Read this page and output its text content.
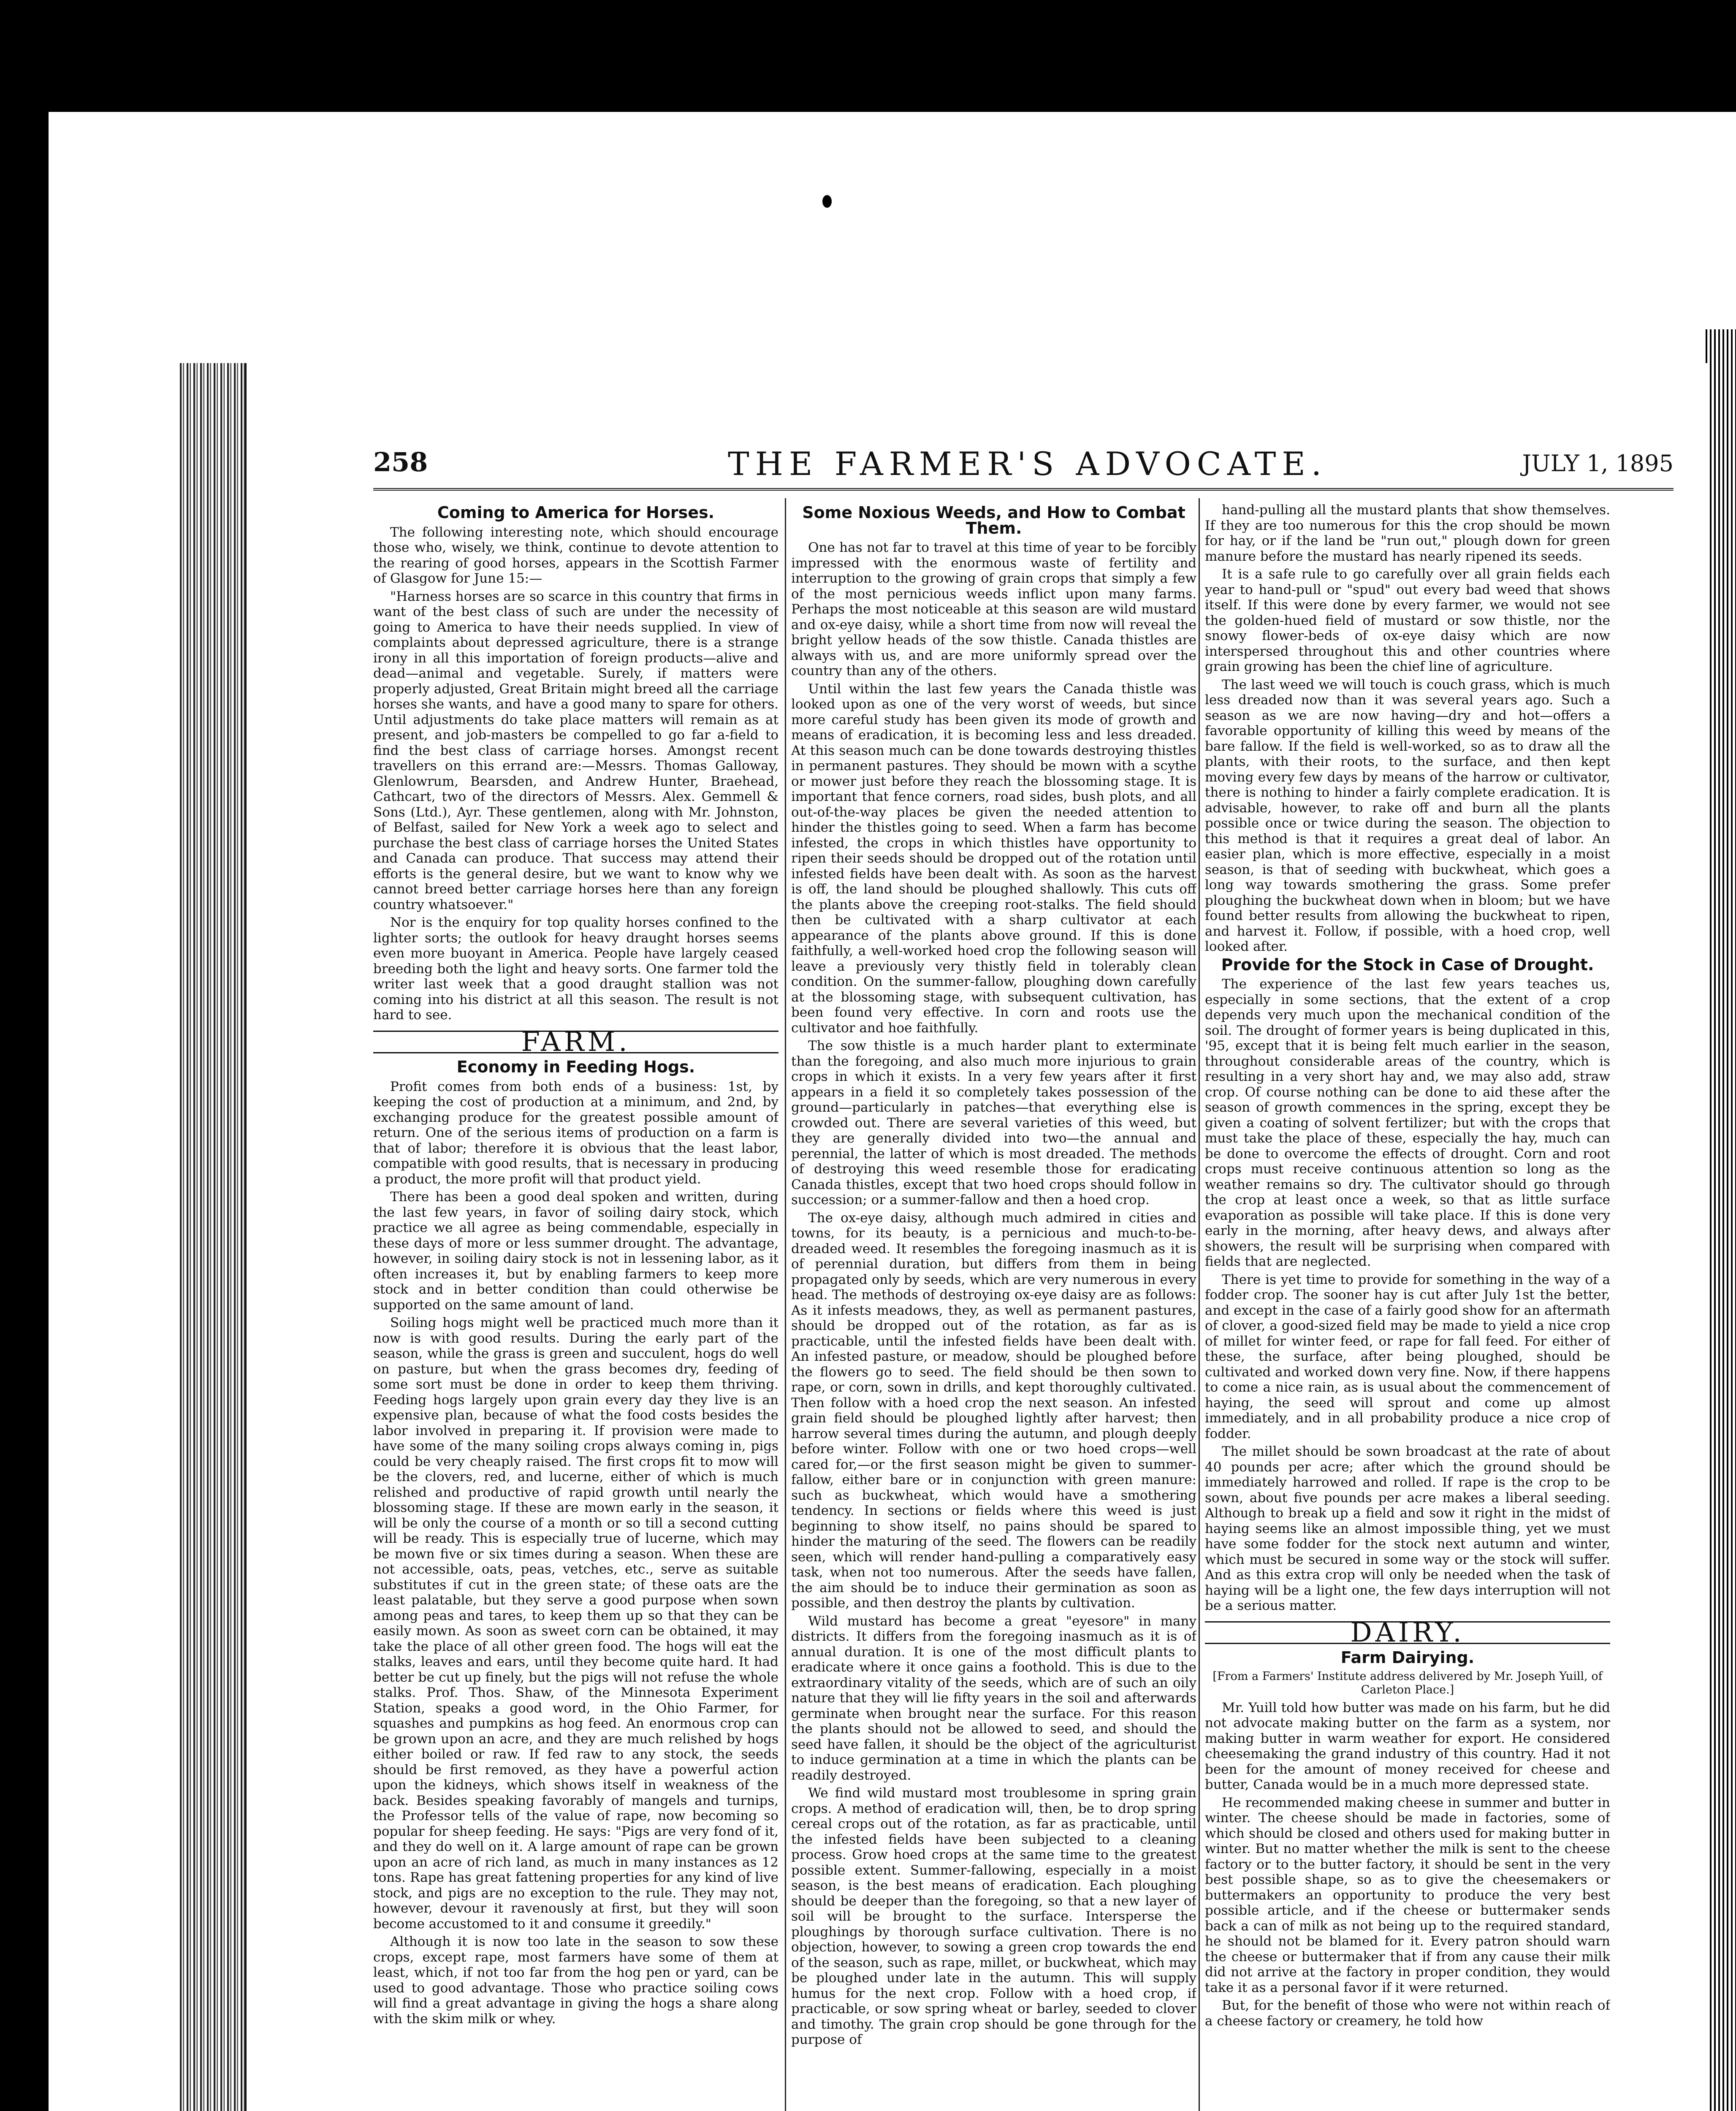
258	THE FARMER'S ADVOCATE.	JULY 1, 1895
Coming to America for Horses.

The following interesting note, which should encourage those who, wisely, we think, continue to devote attention to the rearing of good horses, appears in the Scottish Farmer of Glasgow for June 15:—

"Harness horses are so scarce in this country that firms in want of the best class of such are under the necessity of going to America to have their needs supplied. In view of complaints about depressed agriculture, there is a strange irony in all this importation of foreign products—alive and dead—animal and vegetable. Surely, if matters were properly adjusted, Great Britain might breed all the carriage horses she wants, and have a good many to spare for others. Until adjustments do take place matters will remain as at present, and job-masters be compelled to go far a-field to find the best class of carriage horses. Amongst recent travellers on this errand are:—Messrs. Thomas Galloway, Glenlowrum, Bearsden, and Andrew Hunter, Braehead, Cathcart, two of the directors of Messrs. Alex. Gemmell & Sons (Ltd.), Ayr. These gentlemen, along with Mr. Johnston, of Belfast, sailed for New York a week ago to select and purchase the best class of carriage horses the United States and Canada can produce. That success may attend their efforts is the general desire, but we want to know why we cannot breed better carriage horses here than any foreign country whatsoever."

Nor is the enquiry for top quality horses confined to the lighter sorts; the outlook for heavy draught horses seems even more buoyant in America. People have largely ceased breeding both the light and heavy sorts. One farmer told the writer last week that a good draught stallion was not coming into his district at all this season. The result is not hard to see.

FARM.
Economy in Feeding Hogs.

Profit comes from both ends of a business: 1st, by keeping the cost of production at a minimum, and 2nd, by exchanging produce for the greatest possible amount of return. One of the serious items of production on a farm is that of labor; therefore it is obvious that the least labor, compatible with good results, that is necessary in producing a product, the more profit will that product yield.

There has been a good deal spoken and written, during the last few years, in favor of soiling dairy stock, which practice we all agree as being commendable, especially in these days of more or less summer drought. The advantage, however, in soiling dairy stock is not in lessening labor, as it often increases it, but by enabling farmers to keep more stock and in better condition than could otherwise be supported on the same amount of land.

Soiling hogs might well be practiced much more than it now is with good results. During the early part of the season, while the grass is green and succulent, hogs do well on pasture, but when the grass becomes dry, feeding of some sort must be done in order to keep them thriving. Feeding hogs largely upon grain every day they live is an expensive plan, because of what the food costs besides the labor involved in preparing it. If provision were made to have some of the many soiling crops always coming in, pigs could be very cheaply raised. The first crops fit to mow will be the clovers, red, and lucerne, either of which is much relished and productive of rapid growth until nearly the blossoming stage. If these are mown early in the season, it will be only the course of a month or so till a second cutting will be ready. This is especially true of lucerne, which may be mown five or six times during a season. When these are not accessible, oats, peas, vetches, etc., serve as suitable substitutes if cut in the green state; of these oats are the least palatable, but they serve a good purpose when sown among peas and tares, to keep them up so that they can be easily mown. As soon as sweet corn can be obtained, it may take the place of all other green food. The hogs will eat the stalks, leaves and ears, until they become quite hard. It had better be cut up finely, but the pigs will not refuse the whole stalks. Prof. Thos. Shaw, of the Minnesota Experiment Station, speaks a good word, in the Ohio Farmer, for squashes and pumpkins as hog feed. An enormous crop can be grown upon an acre, and they are much relished by hogs either boiled or raw. If fed raw to any stock, the seeds should be first removed, as they have a powerful action upon the kidneys, which shows itself in weakness of the back. Besides speaking favorably of mangels and turnips, the Professor tells of the value of rape, now becoming so popular for sheep feeding. He says: "Pigs are very fond of it, and they do well on it. A large amount of rape can be grown upon an acre of rich land, as much in many instances as 12 tons. Rape has great fattening properties for any kind of live stock, and pigs are no exception to the rule. They may not, however, devour it ravenously at first, but they will soon become accustomed to it and consume it greedily."

Although it is now too late in the season to sow these crops, except rape, most farmers have some of them at least, which, if not too far from the hog pen or yard, can be used to good advantage. Those who practice soiling cows will find a great advantage in giving the hogs a share along with the skim milk or whey.

Some Noxious Weeds, and How to Combat Them.

One has not far to travel at this time of year to be forcibly impressed with the enormous waste of fertility and interruption to the growing of grain crops that simply a few of the most pernicious weeds inflict upon many farms. Perhaps the most noticeable at this season are wild mustard and ox-eye daisy, while a short time from now will reveal the bright yellow heads of the sow thistle. Canada thistles are always with us, and are more uniformly spread over the country than any of the others.

Until within the last few years the Canada thistle was looked upon as one of the very worst of weeds, but since more careful study has been given its mode of growth and means of eradication, it is becoming less and less dreaded. At this season much can be done towards destroying thistles in permanent pastures. They should be mown with a scythe or mower just before they reach the blossoming stage. It is important that fence corners, road sides, bush plots, and all out-of-the-way places be given the needed attention to hinder the thistles going to seed. When a farm has become infested, the crops in which thistles have opportunity to ripen their seeds should be dropped out of the rotation until infested fields have been dealt with. As soon as the harvest is off, the land should be ploughed shallowly. This cuts off the plants above the creeping root-stalks. The field should then be cultivated with a sharp cultivator at each appearance of the plants above ground. If this is done faithfully, a well-worked hoed crop the following season will leave a previously very thistly field in tolerably clean condition. On the summer-fallow, ploughing down carefully at the blossoming stage, with subsequent cultivation, has been found very effective. In corn and roots use the cultivator and hoe faithfully.

The sow thistle is a much harder plant to exterminate than the foregoing, and also much more injurious to grain crops in which it exists. In a very few years after it first appears in a field it so completely takes possession of the ground—particularly in patches—that everything else is crowded out. There are several varieties of this weed, but they are generally divided into two—the annual and perennial, the latter of which is most dreaded. The methods of destroying this weed resemble those for eradicating Canada thistles, except that two hoed crops should follow in succession; or a summer-fallow and then a hoed crop.

The ox-eye daisy, although much admired in cities and towns, for its beauty, is a pernicious and much-to-be-dreaded weed. It resembles the foregoing inasmuch as it is of perennial duration, but differs from them in being propagated only by seeds, which are very numerous in every head. The methods of destroying ox-eye daisy are as follows: As it infests meadows, they, as well as permanent pastures, should be dropped out of the rotation, as far as is practicable, until the infested fields have been dealt with. An infested pasture, or meadow, should be ploughed before the flowers go to seed. The field should be then sown to rape, or corn, sown in drills, and kept thoroughly cultivated. Then follow with a hoed crop the next season. An infested grain field should be ploughed lightly after harvest; then harrow several times during the autumn, and plough deeply before winter. Follow with one or two hoed crops—well cared for,—or the first season might be given to summer-fallow, either bare or in conjunction with green manure: such as buckwheat, which would have a smothering tendency. In sections or fields where this weed is just beginning to show itself, no pains should be spared to hinder the maturing of the seed. The flowers can be readily seen, which will render hand-pulling a comparatively easy task, when not too numerous. After the seeds have fallen, the aim should be to induce their germination as soon as possible, and then destroy the plants by cultivation.

Wild mustard has become a great "eyesore" in many districts. It differs from the foregoing inasmuch as it is of annual duration. It is one of the most difficult plants to eradicate where it once gains a foothold. This is due to the extraordinary vitality of the seeds, which are of such an oily nature that they will lie fifty years in the soil and afterwards germinate when brought near the surface. For this reason the plants should not be allowed to seed, and should the seed have fallen, it should be the object of the agriculturist to induce germination at a time in which the plants can be readily destroyed.

We find wild mustard most troublesome in spring grain crops. A method of eradication will, then, be to drop spring cereal crops out of the rotation, as far as practicable, until the infested fields have been subjected to a cleaning process. Grow hoed crops at the same time to the greatest possible extent. Summer-fallowing, especially in a moist season, is the best means of eradication. Each ploughing should be deeper than the foregoing, so that a new layer of soil will be brought to the surface. Intersperse the ploughings by thorough surface cultivation. There is no objection, however, to sowing a green crop towards the end of the season, such as rape, millet, or buckwheat, which may be ploughed under late in the autumn. This will supply humus for the next crop. Follow with a hoed crop, if practicable, or sow spring wheat or barley, seeded to clover and timothy. The grain crop should be gone through for the purpose of

hand-pulling all the mustard plants that show themselves. If they are too numerous for this the crop should be mown for hay, or if the land be "run out," plough down for green manure before the mustard has nearly ripened its seeds.

It is a safe rule to go carefully over all grain fields each year to hand-pull or "spud" out every bad weed that shows itself. If this were done by every farmer, we would not see the golden-hued field of mustard or sow thistle, nor the snowy flower-beds of ox-eye daisy which are now interspersed throughout this and other countries where grain growing has been the chief line of agriculture.

The last weed we will touch is couch grass, which is much less dreaded now than it was several years ago. Such a season as we are now having—dry and hot—offers a favorable opportunity of killing this weed by means of the bare fallow. If the field is well-worked, so as to draw all the plants, with their roots, to the surface, and then kept moving every few days by means of the harrow or cultivator, there is nothing to hinder a fairly complete eradication. It is advisable, however, to rake off and burn all the plants possible once or twice during the season. The objection to this method is that it requires a great deal of labor. An easier plan, which is more effective, especially in a moist season, is that of seeding with buckwheat, which goes a long way towards smothering the grass. Some prefer ploughing the buckwheat down when in bloom; but we have found better results from allowing the buckwheat to ripen, and harvest it. Follow, if possible, with a hoed crop, well looked after.

Provide for the Stock in Case of Drought.

The experience of the last few years teaches us, especially in some sections, that the extent of a crop depends very much upon the mechanical condition of the soil. The drought of former years is being duplicated in this, '95, except that it is being felt much earlier in the season, throughout considerable areas of the country, which is resulting in a very short hay and, we may also add, straw crop. Of course nothing can be done to aid these after the season of growth commences in the spring, except they be given a coating of solvent fertilizer; but with the crops that must take the place of these, especially the hay, much can be done to overcome the effects of drought. Corn and root crops must receive continuous attention so long as the weather remains so dry. The cultivator should go through the crop at least once a week, so that as little surface evaporation as possible will take place. If this is done very early in the morning, after heavy dews, and always after showers, the result will be surprising when compared with fields that are neglected.

There is yet time to provide for something in the way of a fodder crop. The sooner hay is cut after July 1st the better, and except in the case of a fairly good show for an aftermath of clover, a good-sized field may be made to yield a nice crop of millet for winter feed, or rape for fall feed. For either of these, the surface, after being ploughed, should be cultivated and worked down very fine. Now, if there happens to come a nice rain, as is usual about the commencement of haying, the seed will sprout and come up almost immediately, and in all probability produce a nice crop of fodder.

The millet should be sown broadcast at the rate of about 40 pounds per acre; after which the ground should be immediately harrowed and rolled. If rape is the crop to be sown, about five pounds per acre makes a liberal seeding. Although to break up a field and sow it right in the midst of haying seems like an almost impossible thing, yet we must have some fodder for the stock next autumn and winter, which must be secured in some way or the stock will suffer. And as this extra crop will only be needed when the task of haying will be a light one, the few days interruption will not be a serious matter.

DAIRY.
Farm Dairying.
[From a Farmers' Institute address delivered by Mr. Joseph Yuill, of Carleton Place.]

Mr. Yuill told how butter was made on his farm, but he did not advocate making butter on the farm as a system, nor making butter in warm weather for export. He considered cheesemaking the grand industry of this country. Had it not been for the amount of money received for cheese and butter, Canada would be in a much more depressed state.

He recommended making cheese in summer and butter in winter. The cheese should be made in factories, some of which should be closed and others used for making butter in winter. But no matter whether the milk is sent to the cheese factory or to the butter factory, it should be sent in the very best possible shape, so as to give the cheesemakers or buttermakers an opportunity to produce the very best possible article, and if the cheese or buttermaker sends back a can of milk as not being up to the required standard, he should not be blamed for it. Every patron should warn the cheese or buttermaker that if from any cause their milk did not arrive at the factory in proper condition, they would take it as a personal favor if it were returned.

But, for the benefit of those who were not within reach of a cheese factory or creamery, he told how
